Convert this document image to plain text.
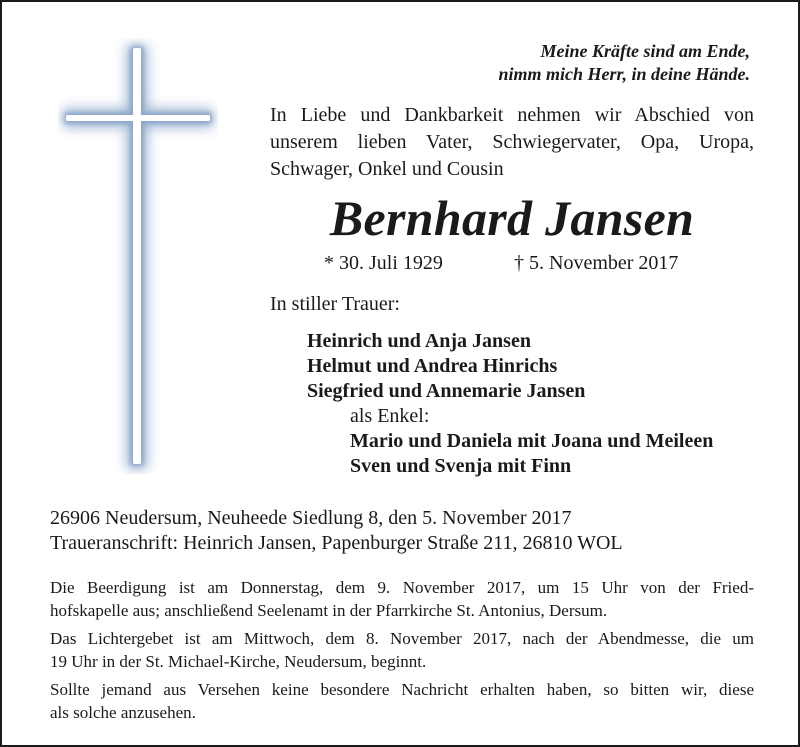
Meine Kräfte sind am Ende,
nimm mich Herr, in deine Hände.
In Liebe und Dankbarkeit nehmen wir Abschied von
unserem lieben Vater, Schwiegervater, Opa, Uropa,
Schwager, Onkel und Cousin
Bernhard Jansen
* 30. Juli 1929	† 5. November 2017
In stiller Trauer:
Heinrich und Anja Jansen
Helmut und Andrea Hinrichs
Siegfried und Annemarie Jansen
als Enkel:
Mario und Daniela mit Joana und Meileen
Sven und Svenja mit Finn
26906 Neudersum, Neuheede Siedlung 8, den 5. November 2017
Traueranschrift: Heinrich Jansen, Papenburger Straße 211, 26810 WOL
Die Beerdigung ist am Donnerstag, dem 9. November 2017, um 15 Uhr von der Fried-
hofskapelle aus; anschließend Seelenamt in der Pfarrkirche St. Antonius, Dersum.
Das Lichtergebet ist am Mittwoch, dem 8. November 2017, nach der Abendmesse, die um
19 Uhr in der St. Michael-Kirche, Neudersum, beginnt.
Sollte jemand aus Versehen keine besondere Nachricht erhalten haben, so bitten wir, diese
als solche anzusehen.
